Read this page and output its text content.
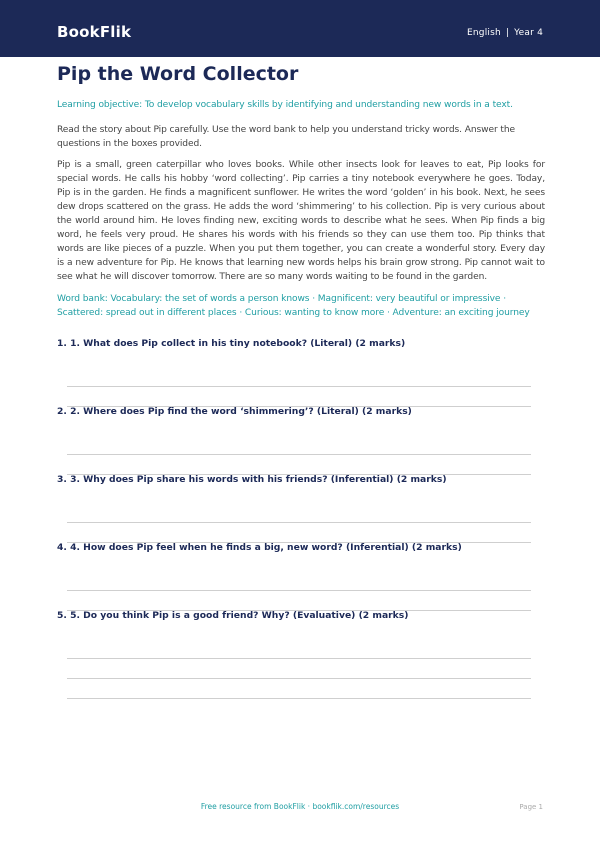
BookFlik	English | Year 4
Pip the Word Collector
Learning objective: To develop vocabulary skills by identifying and understanding new words in a text.
Read the story about Pip carefully. Use the word bank to help you understand tricky words. Answer the questions in the boxes provided.
Pip is a small, green caterpillar who loves books. While other insects look for leaves to eat, Pip looks for special words. He calls his hobby ‘word collecting’. Pip carries a tiny notebook everywhere he goes. Today, Pip is in the garden. He finds a magnificent sunflower. He writes the word ‘golden’ in his book. Next, he sees dew drops scattered on the grass. He adds the word ‘shimmering’ to his collection. Pip is very curious about the world around him. He loves finding new, exciting words to describe what he sees. When Pip finds a big word, he feels very proud. He shares his words with his friends so they can use them too. Pip thinks that words are like pieces of a puzzle. When you put them together, you can create a wonderful story. Every day is a new adventure for Pip. He knows that learning new words helps his brain grow strong. Pip cannot wait to see what he will discover tomorrow. There are so many words waiting to be found in the garden.
Word bank: Vocabulary: the set of words a person knows · Magnificent: very beautiful or impressive · Scattered: spread out in different places · Curious: wanting to know more · Adventure: an exciting journey
1. 1. What does Pip collect in his tiny notebook? (Literal) (2 marks)
2. 2. Where does Pip find the word ‘shimmering’? (Literal) (2 marks)
3. 3. Why does Pip share his words with his friends? (Inferential) (2 marks)
4. 4. How does Pip feel when he finds a big, new word? (Inferential) (2 marks)
5. 5. Do you think Pip is a good friend? Why? (Evaluative) (2 marks)
Free resource from BookFlik · bookflik.com/resources	Page 1
